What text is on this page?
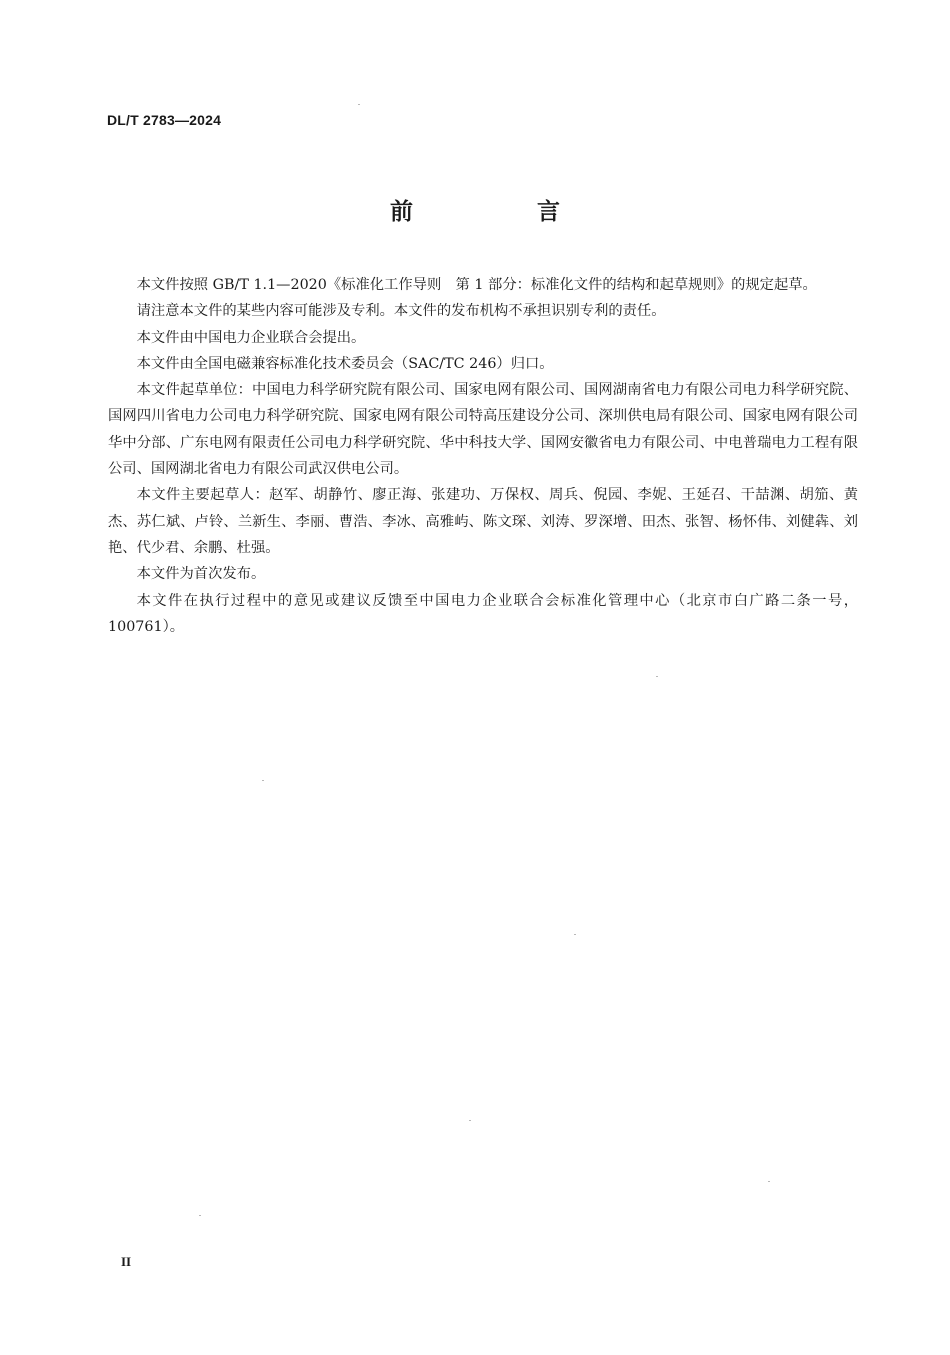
DL/T 2783—2024
前 言

本文件按照 GB/T 1.1—2020《标准化工作导则　第 1 部分：标准化文件的结构和起草规则》的规定起草。

请注意本文件的某些内容可能涉及专利。本文件的发布机构不承担识别专利的责任。

本文件由中国电力企业联合会提出。

本文件由全国电磁兼容标准化技术委员会（SAC/TC 246）归口。

本文件起草单位：中国电力科学研究院有限公司、国家电网有限公司、国网湖南省电力有限公司电力科学研究院、国网四川省电力公司电力科学研究院、国家电网有限公司特高压建设分公司、深圳供电局有限公司、国家电网有限公司华中分部、广东电网有限责任公司电力科学研究院、华中科技大学、国网安徽省电力有限公司、中电普瑞电力工程有限公司、国网湖北省电力有限公司武汉供电公司。

本文件主要起草人：赵军、胡静竹、廖正海、张建功、万保权、周兵、倪园、李妮、王延召、干喆渊、胡笳、黄杰、苏仁斌、卢铃、兰新生、李丽、曹浩、李冰、高雅屿、陈文琛、刘涛、罗深增、田杰、张智、杨怀伟、刘健犇、刘艳、代少君、余鹏、杜强。

本文件为首次发布。

本文件在执行过程中的意见或建议反馈至中国电力企业联合会标准化管理中心（北京市白广路二条一号，100761）。

II
